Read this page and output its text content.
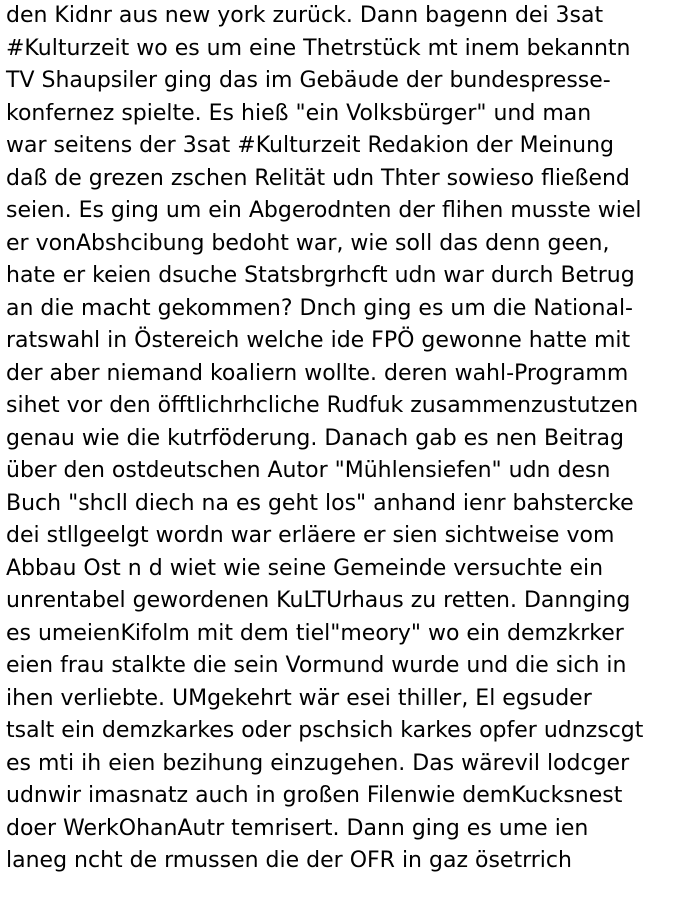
den Kidnr aus new york zurück. Dann bagenn dei 3sat
#Kulturzeit wo es um eine Thetrstück mt inem bekanntn
TV Shaupsiler ging das im Gebäude der bundespresse-
konfernez spielte. Es hieß "ein Volksbürger" und man
war seitens der 3sat #Kulturzeit Redakion der Meinung
daß de grezen zschen Relität udn Thter sowieso fließend
seien. Es ging um ein Abgerodnten der flihen musste wiel
er vonAbshcibung bedoht war, wie soll das denn geen,
hate er keien dsuche Statsbrgrhcft udn war durch Betrug
an die macht gekommen? Dnch ging es um die National-
ratswahl in Östereich welche ide FPÖ gewonne hatte mit
der aber niemand koaliern wollte. deren wahl-Programm
sihet vor den öfftlichrhcliche Rudfuk zusammenzustutzen
genau wie die kutrföderung. Danach gab es nen Beitrag
über den ostdeutschen Autor "Mühlensiefen" udn desn
Buch "shcll diech na es geht los" anhand ienr bahstercke
dei stllgeelgt wordn war erläere er sien sichtweise vom
Abbau Ost n d wiet wie seine Gemeinde versuchte ein
unrentabel gewordenen KuLTUrhaus zu retten. Dannging
es umeienKifolm mit dem tiel"meory" wo ein demzkrker
eien frau stalkte die sein Vormund wurde und die sich in
ihen verliebte. UMgekehrt wär esei thiller, El egsuder
tsalt ein demzkarkes oder pschsich karkes opfer udnzscgt
es mti ih eien bezihung einzugehen. Das wärevil lodcger
udnwir imasnatz auch in großen Filenwie demKucksnest
doer WerkOhanAutr temrisert. Dann ging es ume ien
laneg ncht de rmussen die der OFR in gaz ösetrrich
